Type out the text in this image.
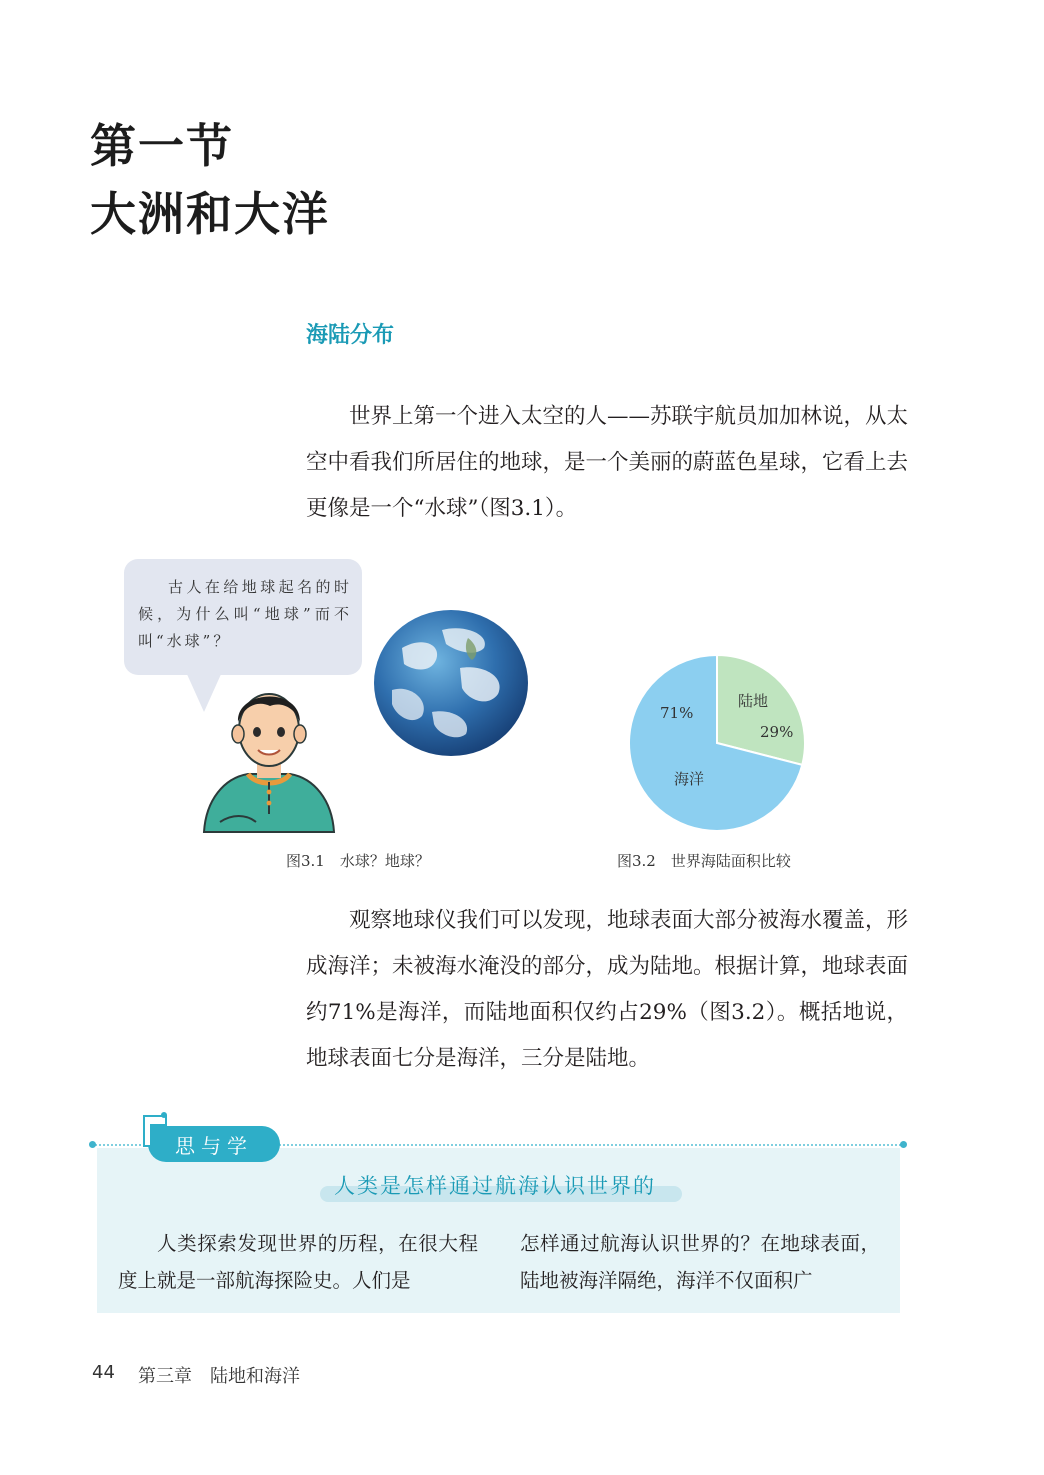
第一节
大洲和大洋
海陆分布

世界上第一个进入太空的人——苏联宇航员加加林说，从太空中看我们所居住的地球，是一个美丽的蔚蓝色星球，它看上去更像是一个“水球”（图3.1）。

古人在给地球起名的时候，为什么叫“地球”而不叫“水球”？

71%
海洋
陆地
29%
图3.1　水球？地球？	图3.2　世界海陆面积比较

观察地球仪我们可以发现，地球表面大部分被海水覆盖，形成海洋；未被海水淹没的部分，成为陆地。根据计算，地球表面约71%是海洋，而陆地面积仅约占29%（图3.2）。概括地说，地球表面七分是海洋，三分是陆地。

思与学
人类是怎样通过航海认识世界的

人类探索发现世界的历程，在很大程度上就是一部航海探险史。人们是

怎样通过航海认识世界的？在地球表面，陆地被海洋隔绝，海洋不仅面积广

44 第三章　陆地和海洋
